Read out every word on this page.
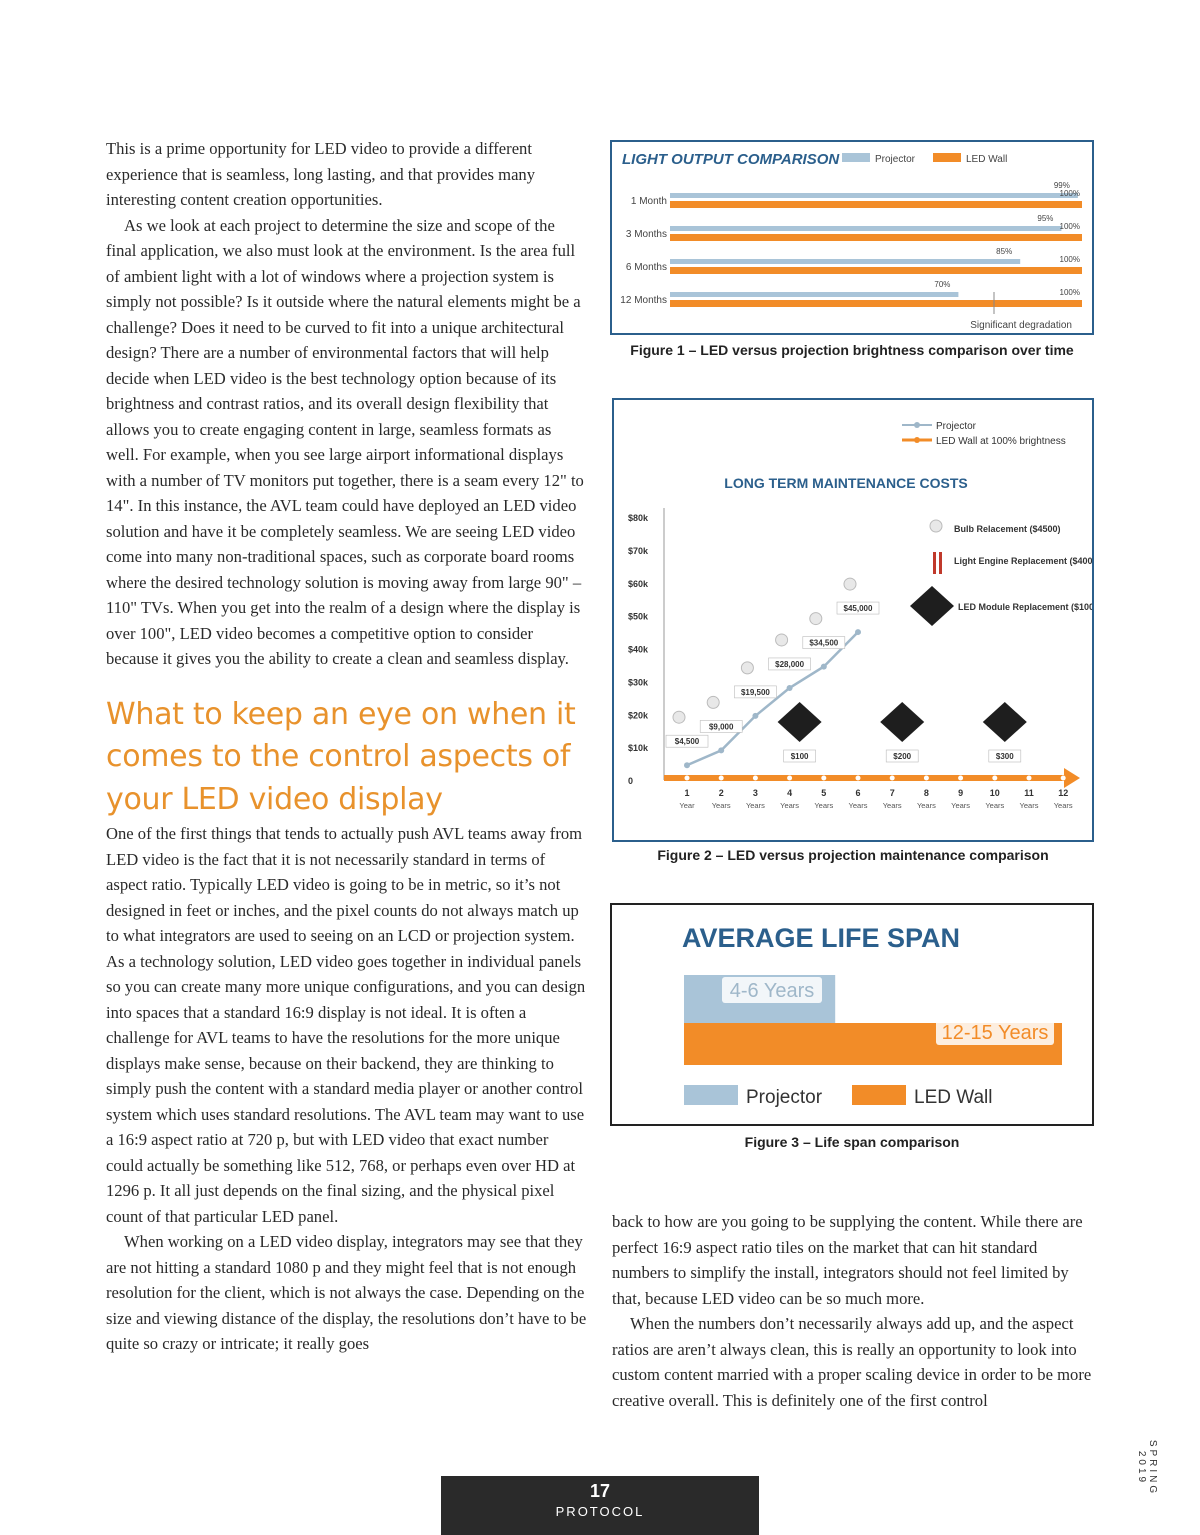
This is a prime opportunity for LED video to provide a different experience that is seamless, long lasting, and that provides many interesting content creation opportunities.

As we look at each project to determine the size and scope of the final application, we also must look at the environment. Is the area full of ambient light with a lot of windows where a projection system is simply not possible? Is it outside where the natural elements might be a challenge? Does it need to be curved to fit into a unique architectural design? There are a number of environmental factors that will help decide when LED video is the best technology option because of its brightness and contrast ratios, and its overall design flexibility that allows you to create engaging content in large, seamless formats as well. For example, when you see large airport informational displays with a number of TV monitors put together, there is a seam every 12" to 14". In this instance, the AVL team could have deployed an LED video solution and have it be completely seamless. We are seeing LED video come into many non-traditional spaces, such as corporate board rooms where the desired technology solution is moving away from large 90" – 110" TVs. When you get into the realm of a design where the display is over 100", LED video becomes a competitive option to consider because it gives you the ability to create a clean and seamless display.

What to keep an eye on when it comes to the control aspects of your LED video display

One of the first things that tends to actually push AVL teams away from LED video is the fact that it is not necessarily standard in terms of aspect ratio. Typically LED video is going to be in metric, so it’s not designed in feet or inches, and the pixel counts do not always match up to what integrators are used to seeing on an LCD or projection system. As a technology solution, LED video goes together in individual panels so you can create many more unique configurations, and you can design into spaces that a standard 16:9 display is not ideal. It is often a challenge for AVL teams to have the resolutions for the more unique displays make sense, because on their backend, they are thinking to simply push the content with a standard media player or another control system which uses standard resolutions. The AVL team may want to use a 16:9 aspect ratio at 720 p, but with LED video that exact number could actually be something like 512, 768, or perhaps even over HD at 1296 p. It all just depends on the final sizing, and the physical pixel count of that particular LED panel.

When working on a LED video display, integrators may see that they are not hitting a standard 1080 p and they might feel that is not enough resolution for the client, which is not always the case. Depending on the size and viewing distance of the display, the resolutions don’t have to be quite so crazy or intricate; it really goes

LIGHT OUTPUT COMPARISON	Projector	LED Wall
1 Month
99%
100%
3 Months
95%
100%
6 Months
85%
100%
12 Months
70%
100%
Significant degradation
Figure 1 – LED versus projection brightness comparison over time
Projector
LED Wall at 100% brightness
LONG TERM MAINTENANCE COSTS
0
$10k
$20k
$30k
$40k
$50k
$60k
$70k
$80k
1
Year
2
Years
3
Years
4
Years
5
Years
6
Years
7
Years
8
Years
9
Years
10
Years
11
Years
12
Years
$4,500
$9,000
$19,500
$28,000
$34,500
$45,000
$100	$200	$300
Bulb Relacement ($4500)
Light Engine Replacement ($4000)
LED Module Replacement ($100)
Figure 2 – LED versus projection maintenance comparison
AVERAGE LIFE SPAN
4-6 Years
12-15 Years
Projector	LED Wall
Figure 3 – Life span comparison

back to how are you going to be supplying the content. While there are perfect 16:9 aspect ratio tiles on the market that can hit standard numbers to simplify the install, integrators should not feel limited by that, because LED video can be so much more.

When the numbers don’t necessarily always add up, and the aspect ratios are aren’t always clean, this is really an opportunity to look into custom content married with a proper scaling device in order to be more creative overall. This is definitely one of the first control

17
PROTOCOL
SPRING 2019
